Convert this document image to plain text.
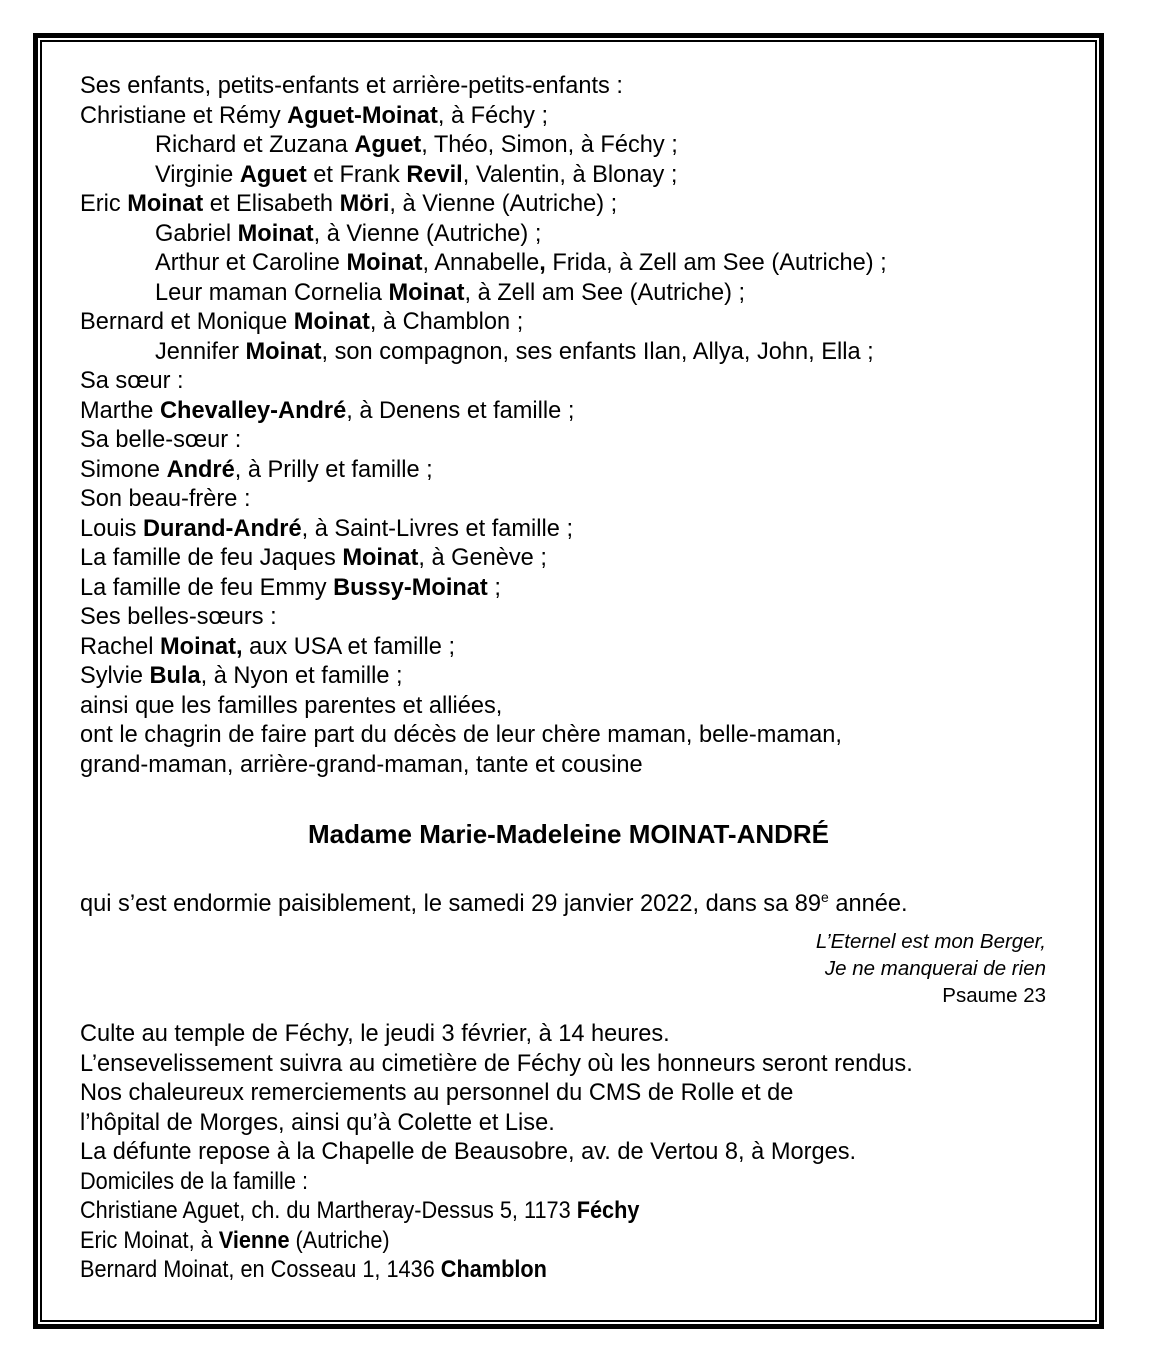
Ses enfants, petits-enfants et arrière-petits-enfants :
Christiane et Rémy Aguet-Moinat, à Féchy ;
Richard et Zuzana Aguet, Théo, Simon, à Féchy ;
Virginie Aguet et Frank Revil, Valentin, à Blonay ;
Eric Moinat et Elisabeth Möri, à Vienne (Autriche) ;
Gabriel Moinat, à Vienne (Autriche) ;
Arthur et Caroline Moinat, Annabelle, Frida, à Zell am See (Autriche) ;
Leur maman Cornelia Moinat, à Zell am See (Autriche) ;
Bernard et Monique Moinat, à Chamblon ;
Jennifer Moinat, son compagnon, ses enfants Ilan, Allya, John, Ella ;
Sa sœur :
Marthe Chevalley-André, à Denens et famille ;
Sa belle-sœur :
Simone André, à Prilly et famille ;
Son beau-frère :
Louis Durand-André, à Saint-Livres et famille ;
La famille de feu Jaques Moinat, à Genève ;
La famille de feu Emmy Bussy-Moinat ;
Ses belles-sœurs :
Rachel Moinat, aux USA et famille ;
Sylvie Bula, à Nyon et famille ;
ainsi que les familles parentes et alliées,
ont le chagrin de faire part du décès de leur chère maman, belle-maman,
grand-maman, arrière-grand-maman, tante et cousine
Madame Marie-Madeleine MOINAT-ANDRÉ
qui s’est endormie paisiblement, le samedi 29 janvier 2022, dans sa 89e année.
L’Eternel est mon Berger,
Je ne manquerai de rien
Psaume 23
Culte au temple de Féchy, le jeudi 3 février, à 14 heures.
L’ensevelissement suivra au cimetière de Féchy où les honneurs seront rendus.
Nos chaleureux remerciements au personnel du CMS de Rolle et de
l’hôpital de Morges, ainsi qu’à Colette et Lise.
La défunte repose à la Chapelle de Beausobre, av. de Vertou 8, à Morges.
Domiciles de la famille :
Christiane Aguet, ch. du Martheray-Dessus 5, 1173 Féchy
Eric Moinat, à Vienne (Autriche)
Bernard Moinat, en Cosseau 1, 1436 Chamblon
